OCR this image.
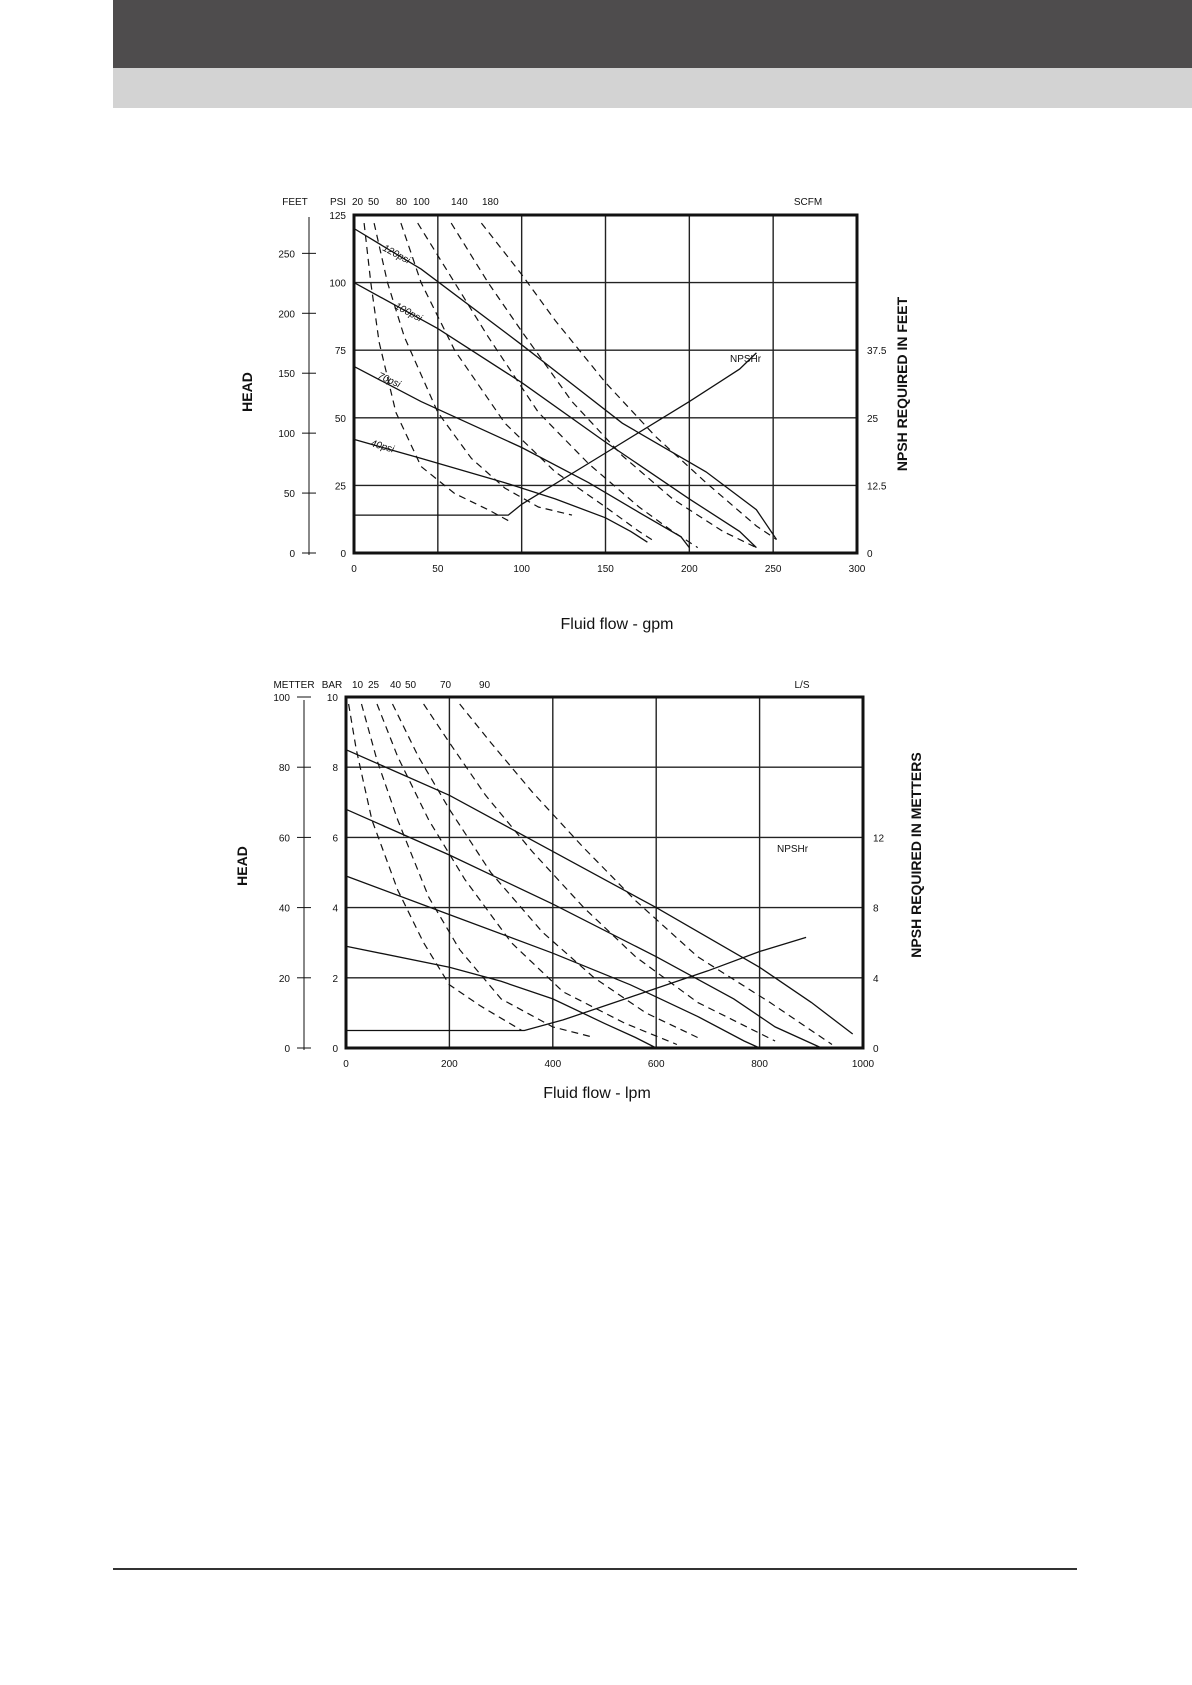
0
25
50
75
100
125
0	50	100	150	200	250	300
0
50
100
150
200
250
FEET
0
12.5
25
37.5
PSI 20 50 80 100 140 180	SCFM
HEAD	NPSH REQUIRED IN FEET
Fluid flow - gpm
120psi
100psi
70psi
40psi
NPSHr
0
2
4
6
8
10
0	200	400	600	800	1000
0
20
40
60
80
100
METTER
0
4
8
12
BAR 10 25 40 50 70	90	L/S
HEAD	NPSH REQUIRED IN METTERS
Fluid flow - lpm
NPSHr
